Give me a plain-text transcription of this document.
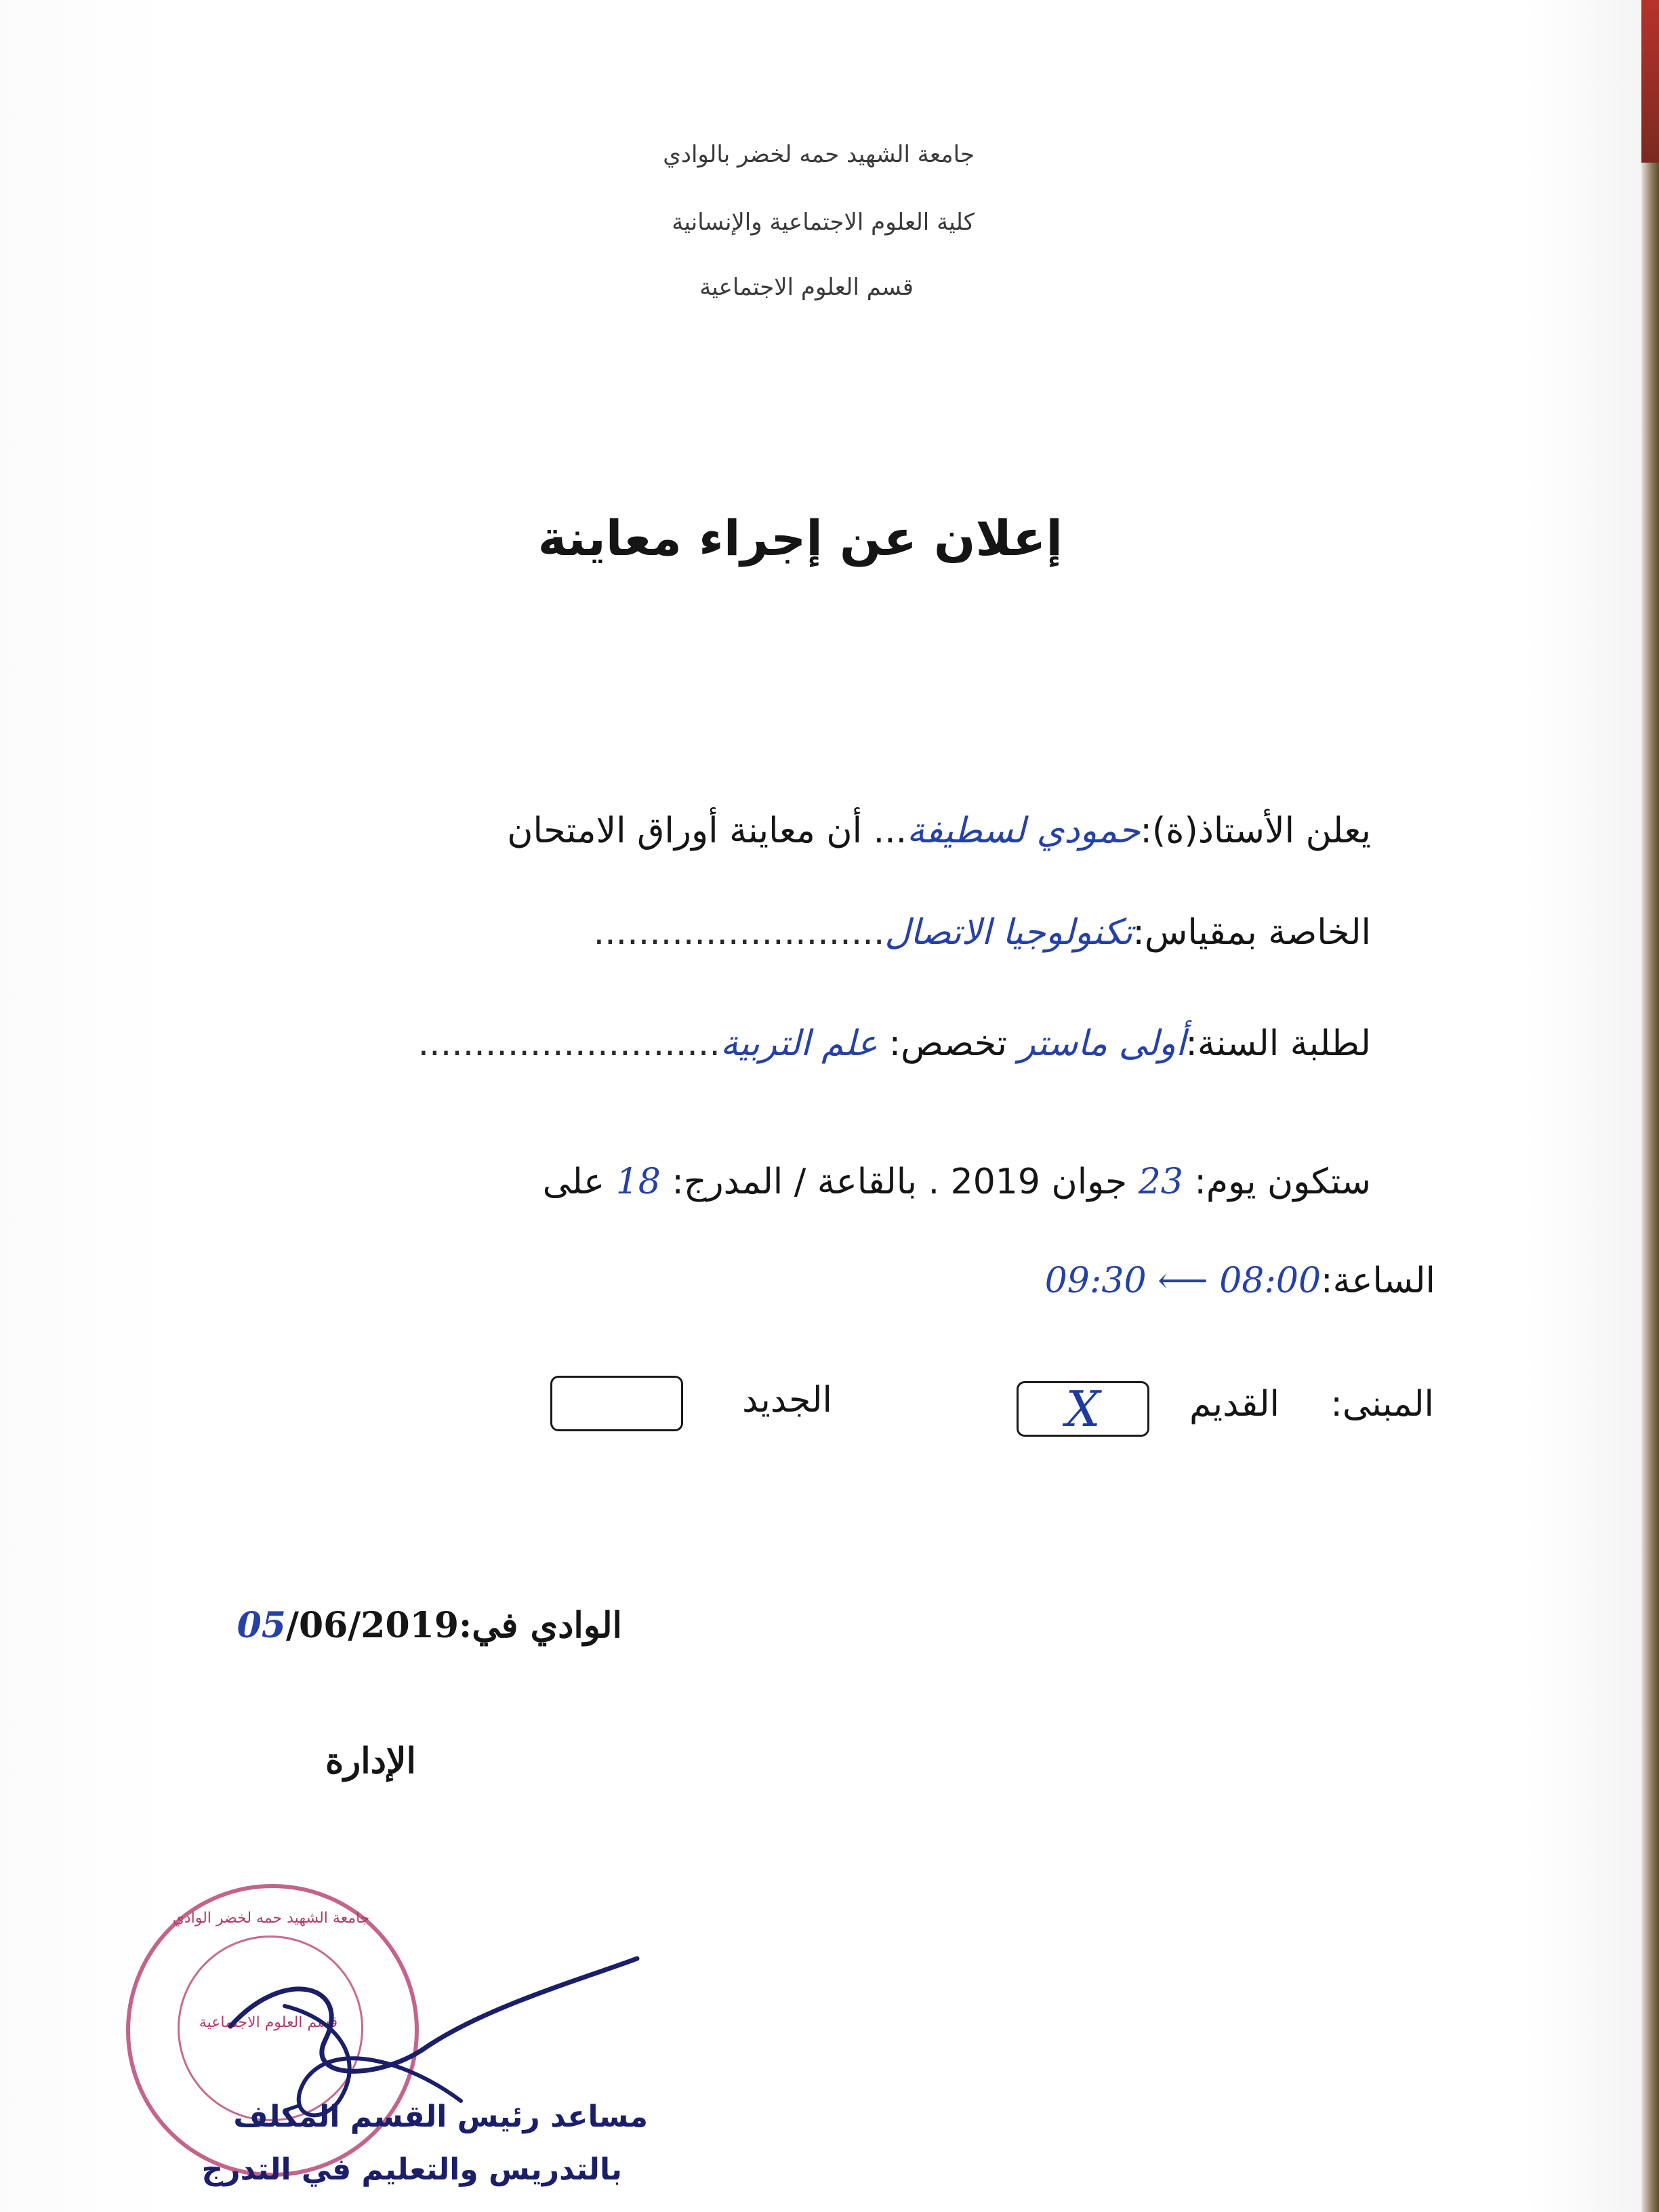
جامعة الشهيد حمه لخضر بالوادي
كلية العلوم الاجتماعية والإنسانية
قسم العلوم الاجتماعية
إعلان عن إجراء معاينة
يعلن الأستاذ(ة):حمودي لسطيفة... أن معاينة أوراق الامتحان
الخاصة بمقياس:تكنولوجيا الاتصال..........................
لطلبة السنة:أولى ماستر تخصص: علم التربية...........................
ستكون يوم: 23 جوان 2019 . بالقاعة / المدرج: 18 على
الساعة:08:00 ⟵ 09:30
المبنى:
القديم
X
الجديد
الوادي في:05/06/2019
الإدارة
جامعة الشهيد حمه لخضر الوادي
قسم العلوم الاجتماعية
مساعد رئيس القسم المكلف
بالتدريس والتعليم في التدرج
